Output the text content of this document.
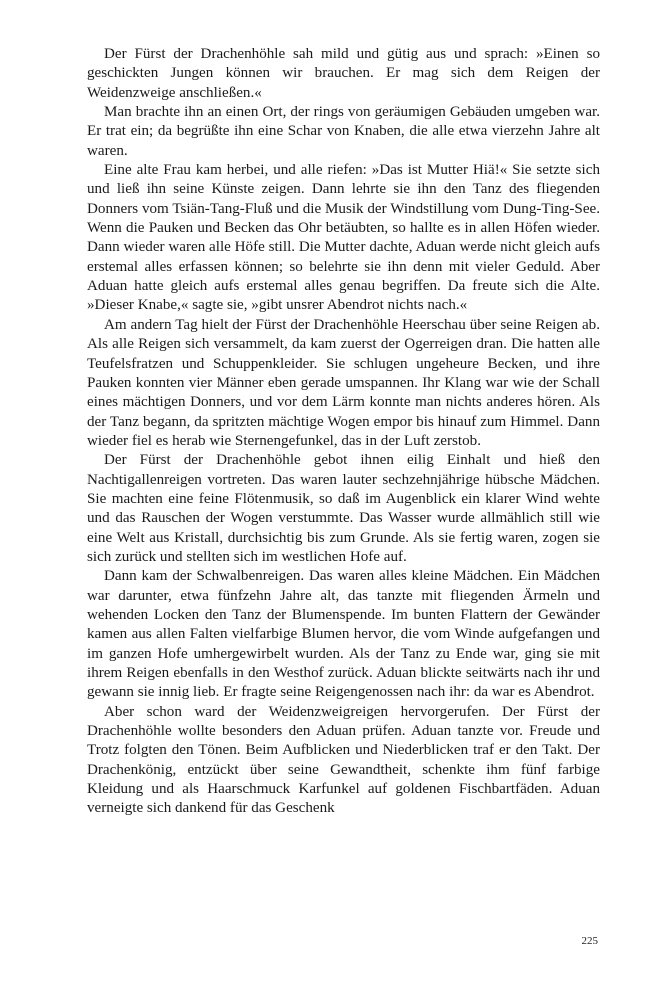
Der Fürst der Drachenhöhle sah mild und gütig aus und sprach: »Einen so geschickten Jungen können wir brauchen. Er mag sich dem Reigen der Weidenzweige anschließen.«

Man brachte ihn an einen Ort, der rings von geräumigen Gebäuden umgeben war. Er trat ein; da begrüßte ihn eine Schar von Knaben, die alle etwa vierzehn Jahre alt waren.

Eine alte Frau kam herbei, und alle riefen: »Das ist Mutter Hiä!« Sie setzte sich und ließ ihn seine Künste zeigen. Dann lehrte sie ihn den Tanz des fliegenden Donners vom Tsiän-Tang-Fluß und die Musik der Windstillung vom Dung-Ting-See. Wenn die Pauken und Becken das Ohr betäubten, so hallte es in allen Höfen wieder. Dann wieder waren alle Höfe still. Die Mutter dachte, Aduan werde nicht gleich aufs erstemal alles erfassen können; so belehrte sie ihn denn mit vieler Geduld. Aber Aduan hatte gleich aufs erstemal alles genau begriffen. Da freute sich die Alte. »Dieser Knabe,« sagte sie, »gibt unsrer Abendrot nichts nach.«

Am andern Tag hielt der Fürst der Drachenhöhle Heerschau über seine Reigen ab. Als alle Reigen sich versammelt, da kam zuerst der Ogerreigen dran. Die hatten alle Teufelsfratzen und Schuppenkleider. Sie schlugen ungeheure Becken, und ihre Pauken konnten vier Männer eben gerade umspannen. Ihr Klang war wie der Schall eines mächtigen Donners, und vor dem Lärm konnte man nichts anderes hören. Als der Tanz begann, da spritzten mächtige Wogen empor bis hinauf zum Himmel. Dann wieder fiel es herab wie Sternengefunkel, das in der Luft zerstob.

Der Fürst der Drachenhöhle gebot ihnen eilig Einhalt und hieß den Nachtigallenreigen vortreten. Das waren lauter sechzehnjährige hübsche Mädchen. Sie machten eine feine Flötenmusik, so daß im Augenblick ein klarer Wind wehte und das Rauschen der Wogen verstummte. Das Wasser wurde allmählich still wie eine Welt aus Kristall, durchsichtig bis zum Grunde. Als sie fertig waren, zogen sie sich zurück und stellten sich im westlichen Hofe auf.

Dann kam der Schwalbenreigen. Das waren alles kleine Mädchen. Ein Mädchen war darunter, etwa fünfzehn Jahre alt, das tanzte mit fliegenden Ärmeln und wehenden Locken den Tanz der Blumenspende. Im bunten Flattern der Gewänder kamen aus allen Falten vielfarbige Blumen hervor, die vom Winde aufgefangen und im ganzen Hofe umhergewirbelt wurden. Als der Tanz zu Ende war, ging sie mit ihrem Reigen ebenfalls in den Westhof zurück. Aduan blickte seitwärts nach ihr und gewann sie innig lieb. Er fragte seine Reigengenossen nach ihr: da war es Abendrot.

Aber schon ward der Weidenzweigreigen hervorgerufen. Der Fürst der Drachenhöhle wollte besonders den Aduan prüfen. Aduan tanzte vor. Freude und Trotz folgten den Tönen. Beim Aufblicken und Niederblicken traf er den Takt. Der Drachenkönig, entzückt über seine Gewandtheit, schenkte ihm fünf farbige Kleidung und als Haarschmuck Karfunkel auf goldenen Fischbartfäden. Aduan verneigte sich dankend für das Geschenk

225
